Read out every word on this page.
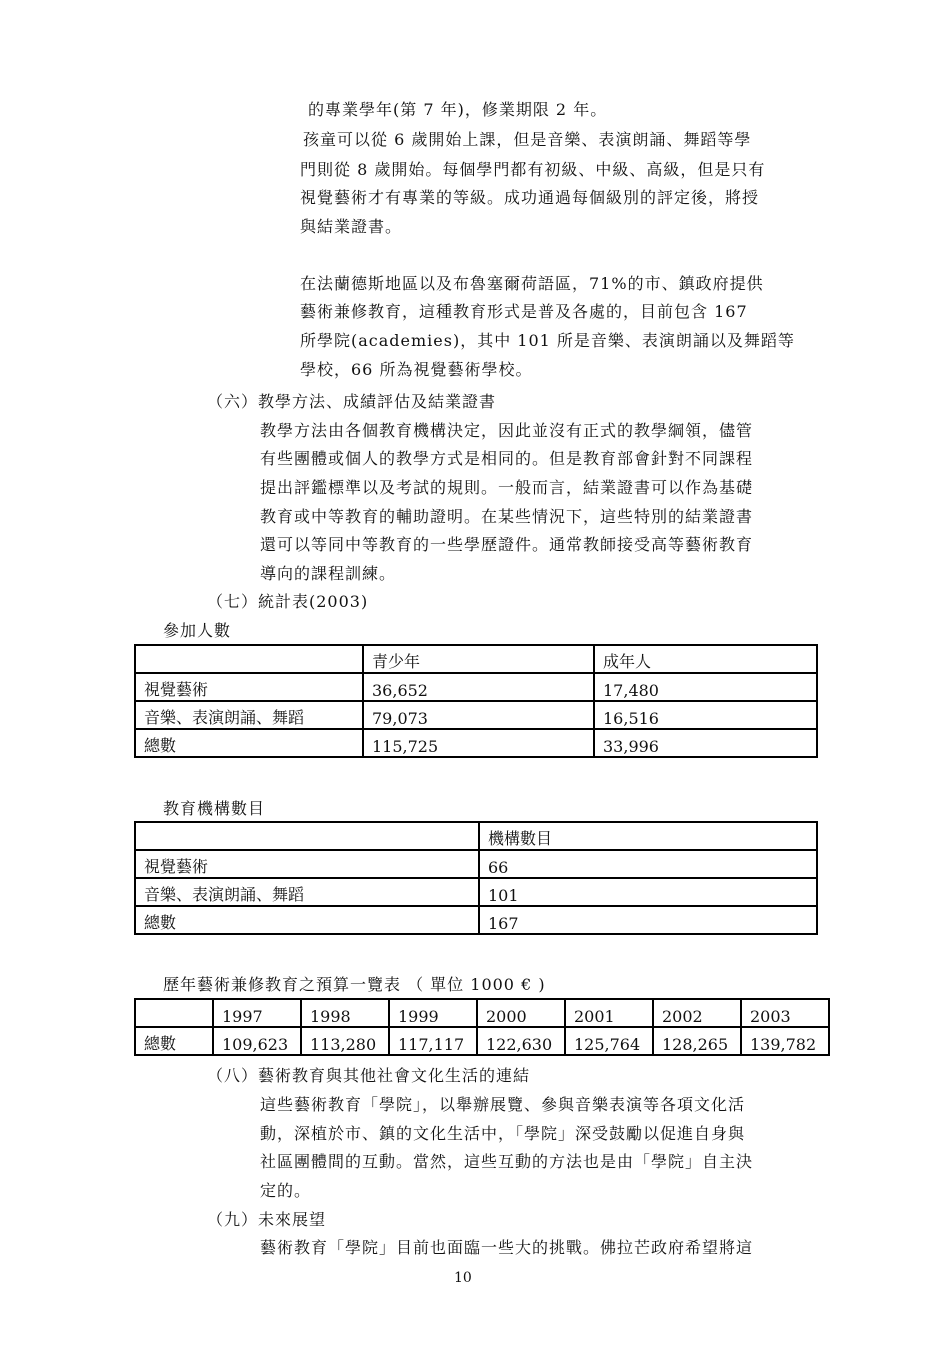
的專業學年(第 7 年)，修業期限 2 年。
孩童可以從 6 歲開始上課，但是音樂、表演朗誦、舞蹈等學
門則從 8 歲開始。每個學門都有初級、中級、高級，但是只有
視覺藝術才有專業的等級。成功通過每個級別的評定後，將授
與結業證書。
在法蘭德斯地區以及布魯塞爾荷語區，71%的市、鎮政府提供
藝術兼修教育，這種教育形式是普及各處的，目前包含 167
所學院(academies)，其中 101 所是音樂、表演朗誦以及舞蹈等
學校，66 所為視覺藝術學校。
（六）教學方法、成績評估及結業證書
教學方法由各個教育機構決定，因此並沒有正式的教學綱領，儘管
有些團體或個人的教學方式是相同的。但是教育部會針對不同課程
提出評鑑標準以及考試的規則。一般而言，結業證書可以作為基礎
教育或中等教育的輔助證明。在某些情況下，這些特別的結業證書
還可以等同中等教育的一些學歷證件。通常教師接受高等藝術教育
導向的課程訓練。
（七）統計表(2003)
參加人數
	青少年	成年人
視覺藝術	36,652	17,480
音樂、表演朗誦、舞蹈	79,073	16,516
總數	115,725	33,996
教育機構數目
	機構數目
視覺藝術	66
音樂、表演朗誦、舞蹈	101
總數	167
歷年藝術兼修教育之預算一覽表 （ 單位 1000 € )
	1997	1998	1999	2000	2001	2002	2003
總數	109,623	113,280	117,117	122,630	125,764	128,265	139,782
（八）藝術教育與其他社會文化生活的連結
這些藝術教育「學院」，以舉辦展覽、參與音樂表演等各項文化活
動，深植於市、鎮的文化生活中，「學院」深受鼓勵以促進自身與
社區團體間的互動。當然，這些互動的方法也是由「學院」自主決
定的。
（九）未來展望
藝術教育「學院」目前也面臨一些大的挑戰。佛拉芒政府希望將這
10
